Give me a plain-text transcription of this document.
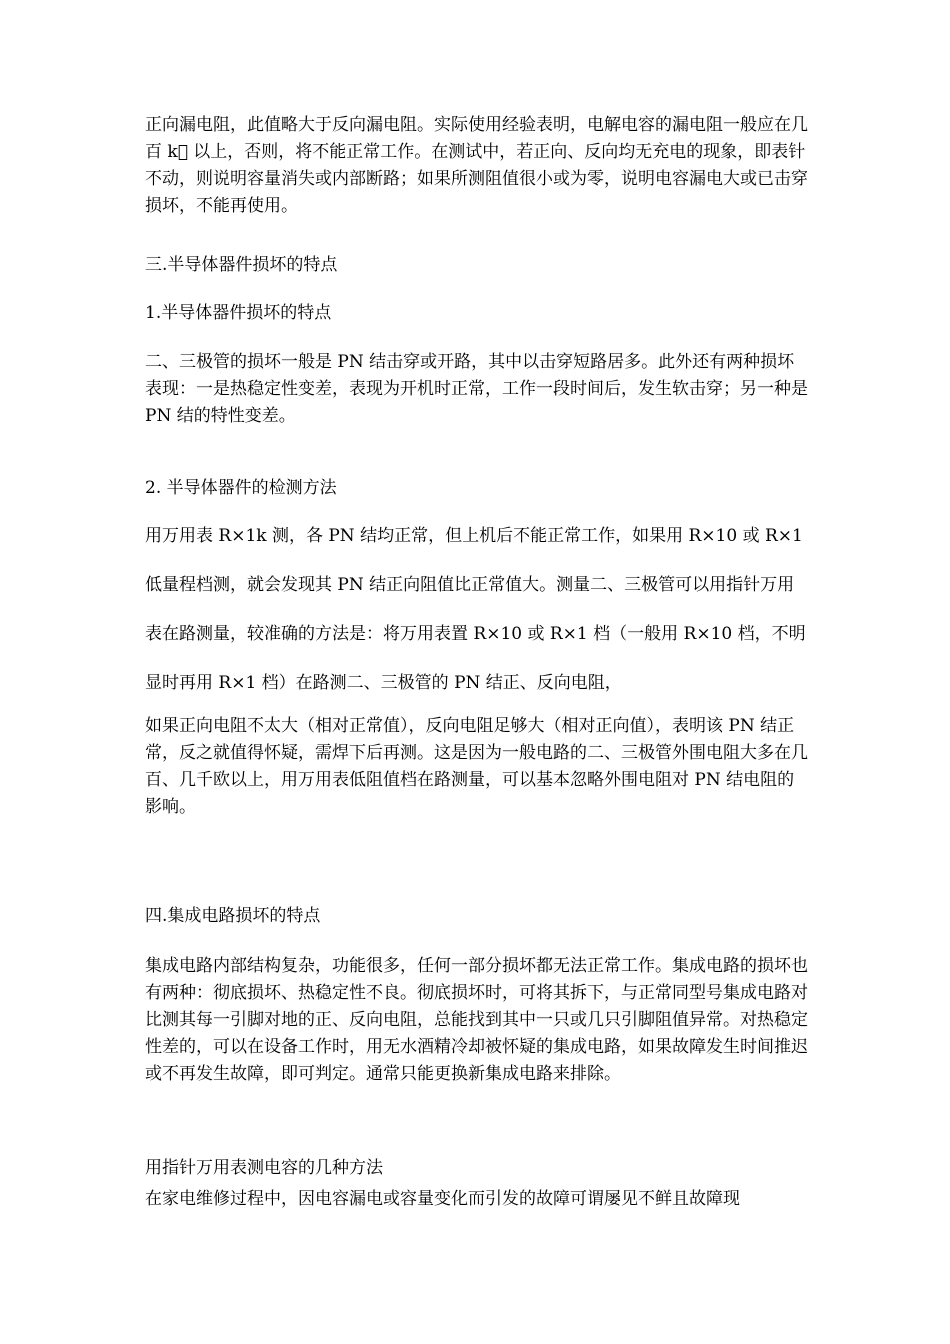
正向漏电阻，此值略大于反向漏电阻。实际使用经验表明，电解电容的漏电阻一般应在几百 k  以上，否则，将不能正常工作。在测试中，若正向、反向均无充电的现象，即表针不动，则说明容量消失或内部断路；如果所测阻值很小或为零，说明电容漏电大或已击穿损坏，不能再使用。

三.半导体器件损坏的特点

1.半导体器件损坏的特点

二、三极管的损坏一般是 PN 结击穿或开路，其中以击穿短路居多。此外还有两种损坏表现：一是热稳定性变差，表现为开机时正常，工作一段时间后，发生软击穿；另一种是 PN 结的特性变差。

2. 半导体器件的检测方法

用万用表 R×1k 测，各 PN 结均正常，但上机后不能正常工作，如果用 R×10 或 R×1 低量程档测，就会发现其 PN 结正向阻值比正常值大。测量二、三极管可以用指针万用表在路测量，较准确的方法是：将万用表置 R×10 或 R×1 档（一般用 R×10 档，不明显时再用 R×1 档）在路测二、三极管的 PN 结正、反向电阻，

如果正向电阻不太大（相对正常值），反向电阻足够大（相对正向值），表明该 PN 结正常，反之就值得怀疑，需焊下后再测。这是因为一般电路的二、三极管外围电阻大多在几百、几千欧以上，用万用表低阻值档在路测量，可以基本忽略外围电阻对 PN 结电阻的影响。

四.集成电路损坏的特点

集成电路内部结构复杂，功能很多，任何一部分损坏都无法正常工作。集成电路的损坏也有两种：彻底损坏、热稳定性不良。彻底损坏时，可将其拆下，与正常同型号集成电路对比测其每一引脚对地的正、反向电阻，总能找到其中一只或几只引脚阻值异常。对热稳定性差的，可以在设备工作时，用无水酒精冷却被怀疑的集成电路，如果故障发生时间推迟或不再发生故障，即可判定。通常只能更换新集成电路来排除。

用指针万用表测电容的几种方法

在家电维修过程中，因电容漏电或容量变化而引发的故障可谓屡见不鲜且故障现
